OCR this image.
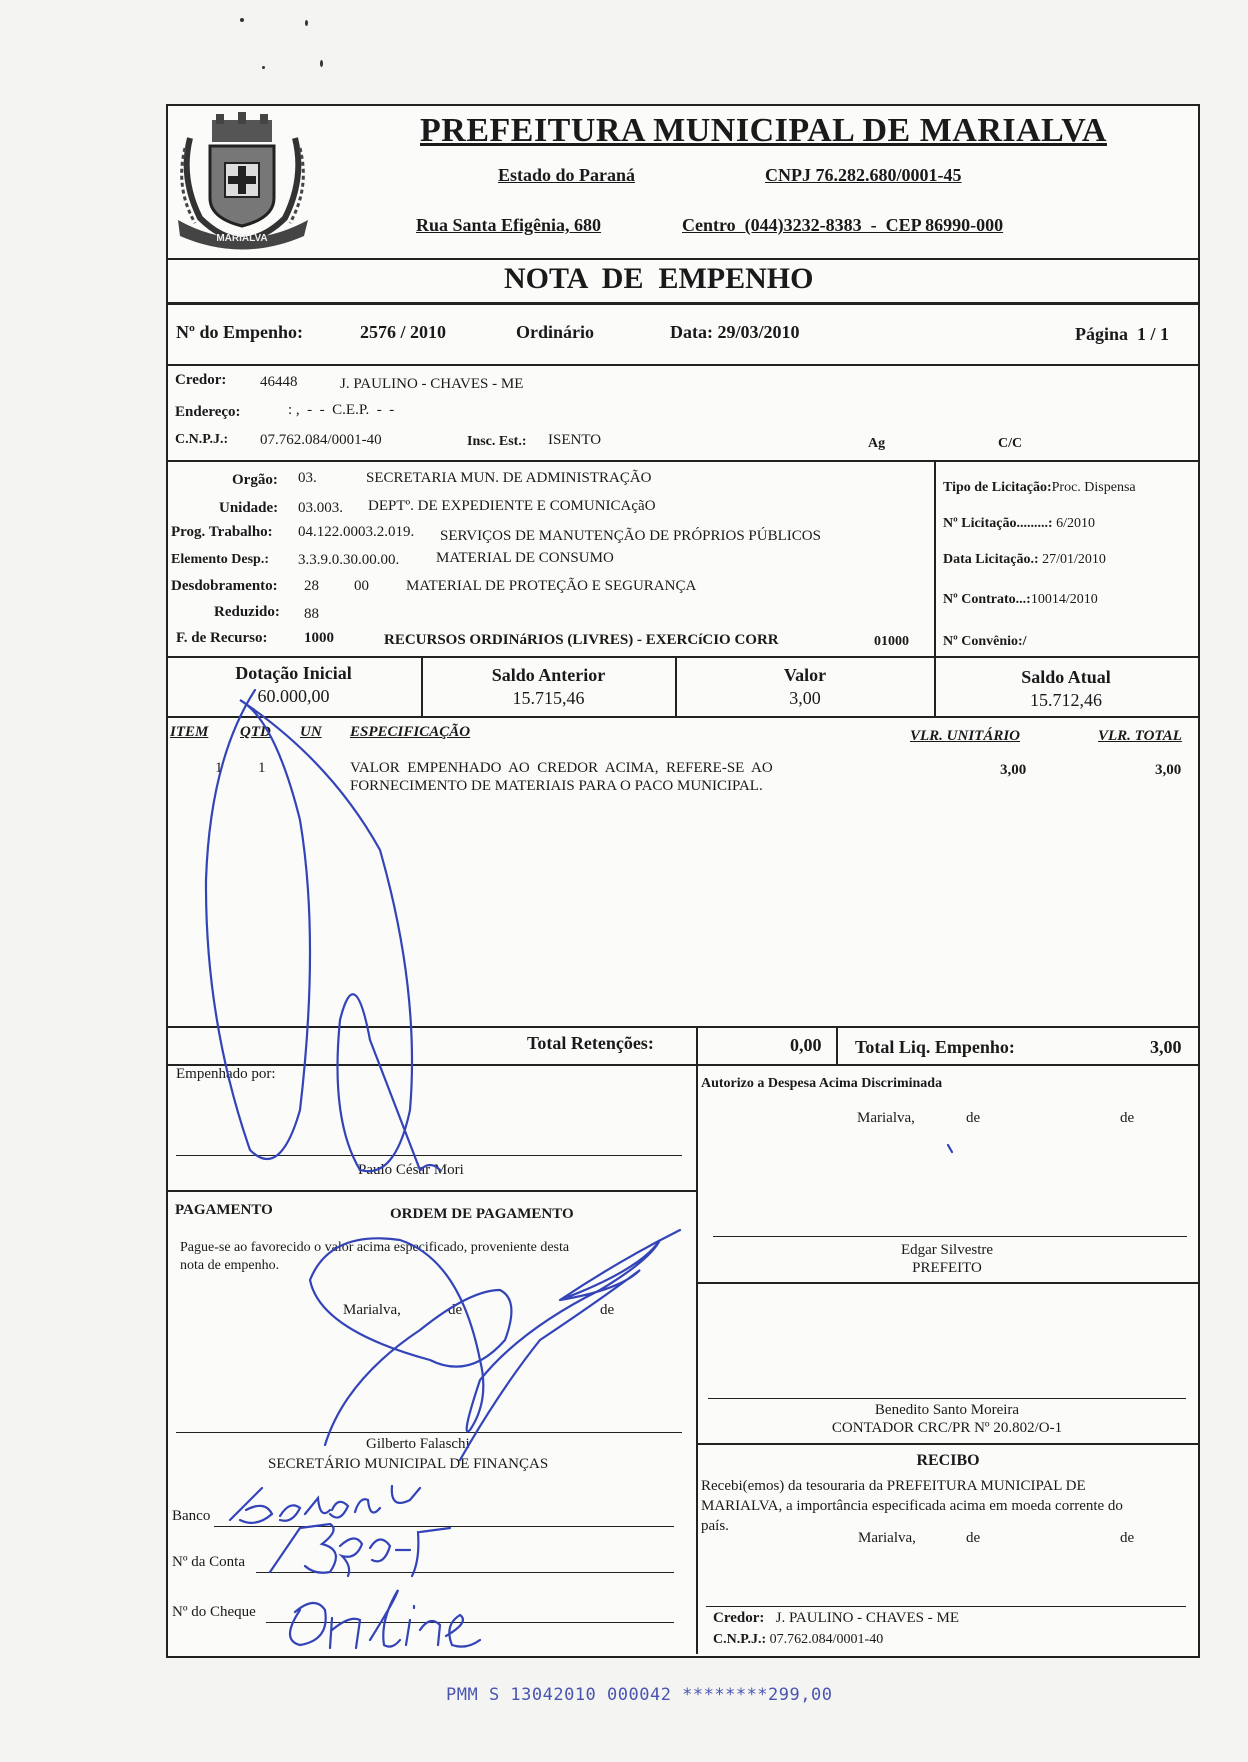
MARIALVA
PREFEITURA MUNICIPAL DE MARIALVA
Estado do Paraná	CNPJ 76.282.680/0001-45
Rua Santa Efigênia, 680	Centro  (044)3232-8383  -  CEP 86990-000
NOTA  DE  EMPENHO
Nº do Empenho:	2576 / 2010	Ordinário	Data: 29/03/2010	Página  1 / 1
Credor: 46448	J. PAULINO - CHAVES - ME
Endereço:	: ,  -  -  C.E.P.  -  -
C.N.P.J.: 07.762.084/0001-40	Insc. Est.: ISENTO	Ag	C/C
Orgão: 03.	SECRETARIA MUN. DE ADMINISTRAÇÃO
Unidade: 03.003. DEPTº. DE EXPEDIENTE E COMUNICAçãO
Prog. Trabalho: 04.122.0003.2.019. SERVIÇOS DE MANUTENÇÃO DE PRÓPRIOS PÚBLICOS
Elemento Desp.: 3.3.9.0.30.00.00. MATERIAL DE CONSUMO
Desdobramento: 28 00 MATERIAL DE PROTEÇÃO E SEGURANÇA
Reduzido: 88
F. de Recurso: 1000	RECURSOS ORDINáRIOS (LIVRES) - EXERCíCIO CORR	01000
Tipo de Licitação:Proc. Dispensa
Nº Licitação.........: 6/2010
Data Licitação.: 27/01/2010
Nº Contrato...:10014/2010
Nº Convênio:/
Dotação Inicial
60.000,00
Saldo Anterior
15.715,46
Valor
3,00
Saldo Atual
15.712,46
ITEM QTD UN ESPECIFICAÇÃO	VLR. UNITÁRIO	VLR. TOTAL
1 1	VALOR  EMPENHADO  AO  CREDOR  ACIMA,  REFERE-SE  AO
FORNECIMENTO DE MATERIAIS PARA O PACO MUNICIPAL.
3,00	3,00
Total Retenções:	0,00 Total Liq. Empenho:	3,00
Empenhado por:
Paulo César Mori
Autorizo a Despesa Acima Discriminada
Marialva,	de	de
Edgar Silvestre
PREFEITO
Benedito Santo Moreira
CONTADOR CRC/PR Nº 20.802/O-1
PAGAMENTO	ORDEM DE PAGAMENTO
Pague-se ao favorecido o valor acima especificado, proveniente desta
nota de empenho.
Marialva,	de	de
Gilberto Falaschi
SECRETÁRIO MUNICIPAL DE FINANÇAS
Banco
Nº da Conta
Nº do Cheque
RECIBO
Recebi(emos) da tesouraria da PREFEITURA MUNICIPAL DE
MARIALVA, a importância especificada acima em moeda corrente do
país.
Marialva,	de	de
Credor: J. PAULINO - CHAVES - ME
C.N.P.J.: 07.762.084/0001-40
PMM S 13042010 000042 ********299,00
